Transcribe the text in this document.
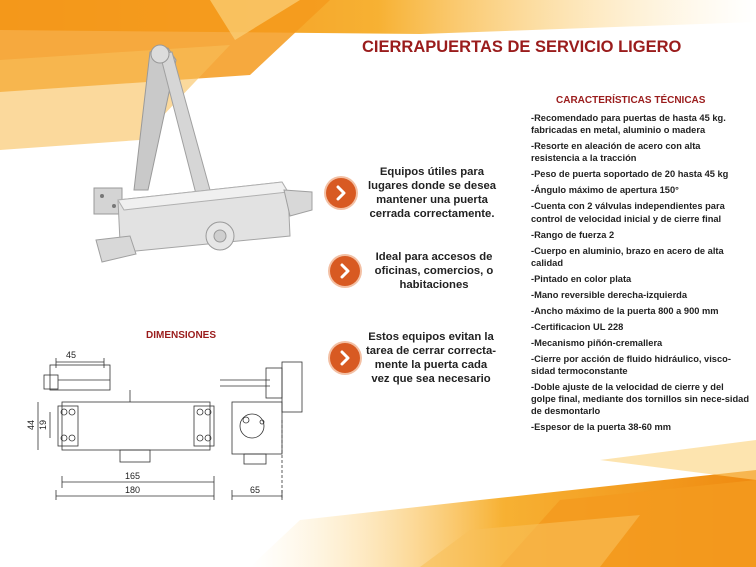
CIERRAPUERTAS DE SERVICIO LIGERO
Equipos útiles para lugares donde se desea mantener una puerta cerrada correctamente.
Ideal para accesos de oficinas, comercios, o habitaciones
Estos equipos evitan la tarea de cerrar correcta-mente la puerta cada vez que sea necesario
CARACTERÍSTICAS TÉCNICAS
-Recomendado para puertas de hasta 45 kg. fabricadas en metal, aluminio o madera
-Resorte en aleación de acero con alta resistencia a la tracción
-Peso de puerta soportado de 20 hasta 45 kg
-Ángulo máximo de apertura 150°
-Cuenta con 2 válvulas independientes para control de velocidad inicial y de cierre final
-Rango de fuerza 2
-Cuerpo en aluminio, brazo en acero de alta calidad
-Pintado en color plata
-Mano reversible derecha-izquierda
-Ancho máximo de la puerta 800 a 900 mm
-Certificacion UL 228
-Mecanismo piñón-cremallera
-Cierre por acción de fluido hidráulico, visco-sidad termoconstante
-Doble ajuste de la velocidad de cierre y del golpe final, mediante dos tornillos sin nece-sidad de desmontarlo
-Espesor de la puerta 38-60 mm
DIMENSIONES
45
44 19
165
180	65
